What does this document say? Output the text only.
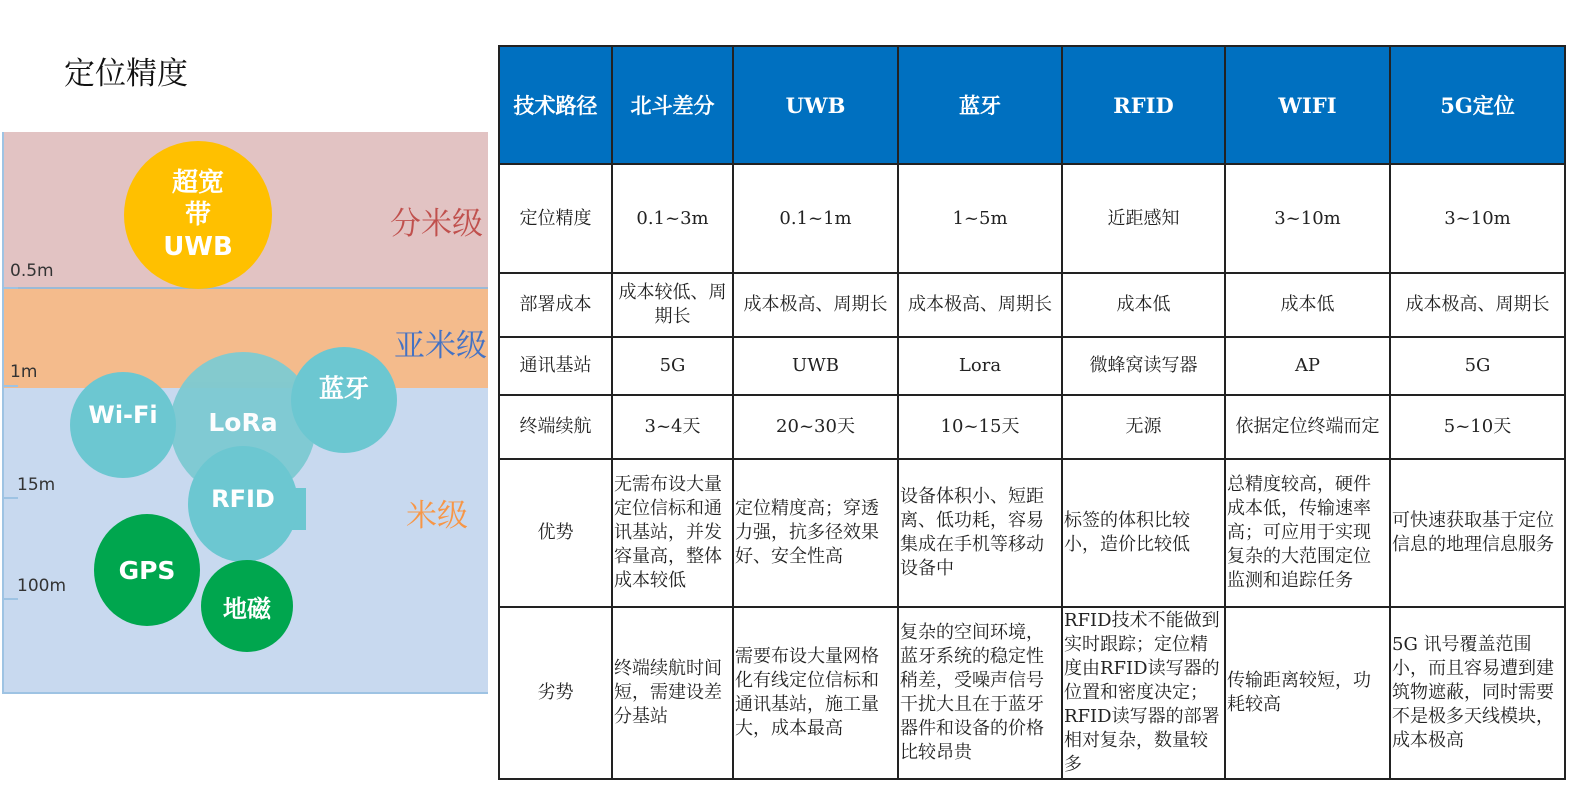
定位精度
0.5m
1m
15m
100m
分米级
亚米级
米级
超宽
带
UWB
LoRa
Wi-Fi
蓝牙
RFID
GPS
地磁
技术路径	北斗差分	UWB	蓝牙	RFID	WIFI	5G定位
定位精度	0.1~3m	0.1~1m	1~5m	近距感知	3~10m	3~10m
部署成本	成本较低、周期长	成本极高、周期长	成本极高、周期长	成本低	成本低	成本极高、周期长
通讯基站	5G	UWB	Lora	微蜂窝读写器	AP	5G
终端续航	3~4天	20~30天	10~15天	无源	依据定位终端而定	5~10天
优势	无需布设大量定位信标和通讯基站，并发容量高，整体成本较低	定位精度高；穿透力强，抗多径效果好、安全性高	设备体积小、短距离、低功耗，容易集成在手机等移动设备中	标签的体积比较小，造价比较低	总精度较高，硬件成本低，传输速率高；可应用于实现复杂的大范围定位监测和追踪任务	可快速获取基于定位信息的地理信息服务
劣势	终端续航时间短，需建设差分基站	需要布设大量网格化有线定位信标和通讯基站，施工量大，成本最高	复杂的空间环境，蓝牙系统的稳定性稍差，受噪声信号干扰大且在于蓝牙器件和设备的价格比较昂贵	RFID技术不能做到实时跟踪；定位精度由RFID读写器的位置和密度决定；RFID读写器的部署相对复杂，数量较多	传输距离较短，功耗较高	5G 讯号覆盖范围小，而且容易遭到建筑物遮蔽，同时需要不是极多天线模块，成本极高
